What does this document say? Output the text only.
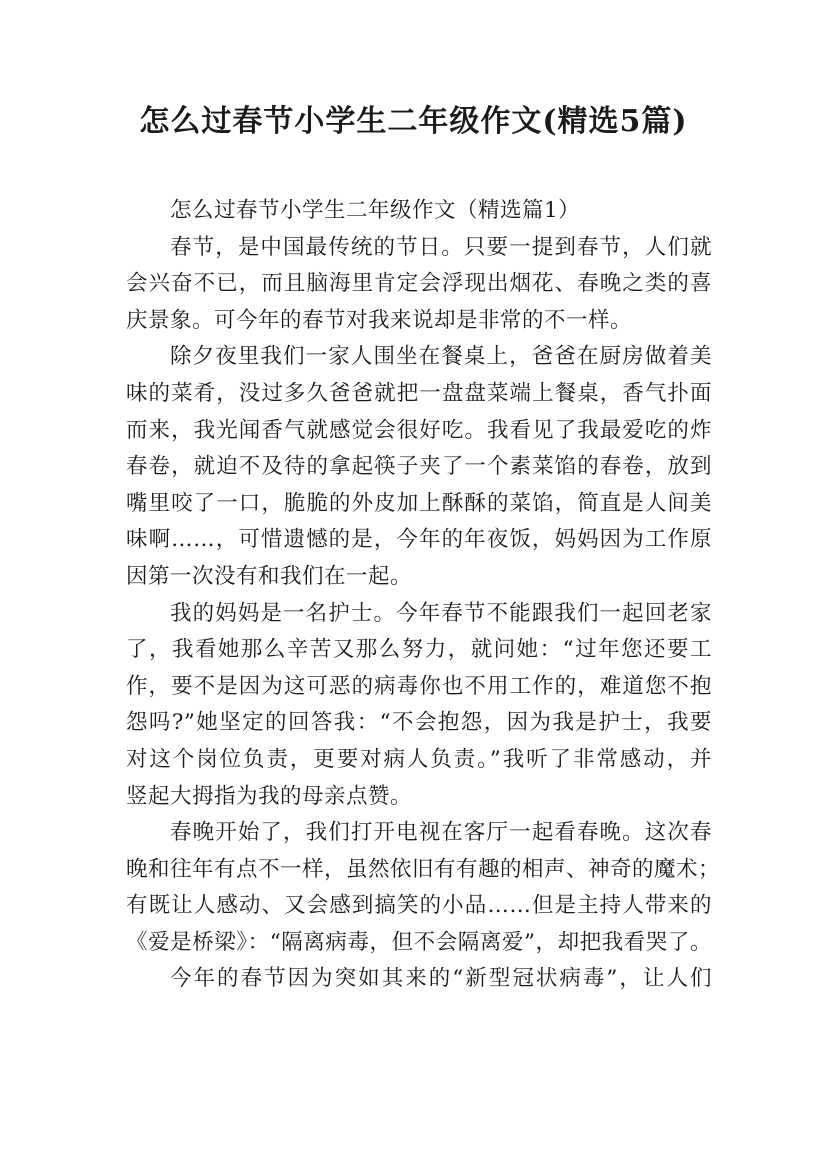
怎么过春节小学生二年级作文(精选5篇)
怎么过春节小学生二年级作文（精选篇1）
春节，是中国最传统的节日。只要一提到春节，人们就
会兴奋不已，而且脑海里肯定会浮现出烟花、春晚之类的喜
庆景象。可今年的春节对我来说却是非常的不一样。
除夕夜里我们一家人围坐在餐桌上，爸爸在厨房做着美
味的菜肴，没过多久爸爸就把一盘盘菜端上餐桌，香气扑面
而来，我光闻香气就感觉会很好吃。我看见了我最爱吃的炸
春卷，就迫不及待的拿起筷子夹了一个素菜馅的春卷，放到
嘴里咬了一口，脆脆的外皮加上酥酥的菜馅，简直是人间美
味啊……，可惜遗憾的是，今年的年夜饭，妈妈因为工作原
因第一次没有和我们在一起。
我的妈妈是一名护士。今年春节不能跟我们一起回老家
了，我看她那么辛苦又那么努力，就问她：“过年您还要工
作，要不是因为这可恶的病毒你也不用工作的，难道您不抱
怨吗?”她坚定的回答我：“不会抱怨，因为我是护士，我要
对这个岗位负责，更要对病人负责。”我听了非常感动，并
竖起大拇指为我的母亲点赞。
春晚开始了，我们打开电视在客厅一起看春晚。这次春
晚和往年有点不一样，虽然依旧有有趣的相声、神奇的魔术；
有既让人感动、又会感到搞笑的小品……但是主持人带来的
《爱是桥梁》：“隔离病毒，但不会隔离爱”，却把我看哭了。
今年的春节因为突如其来的“新型冠状病毒”，让人们
